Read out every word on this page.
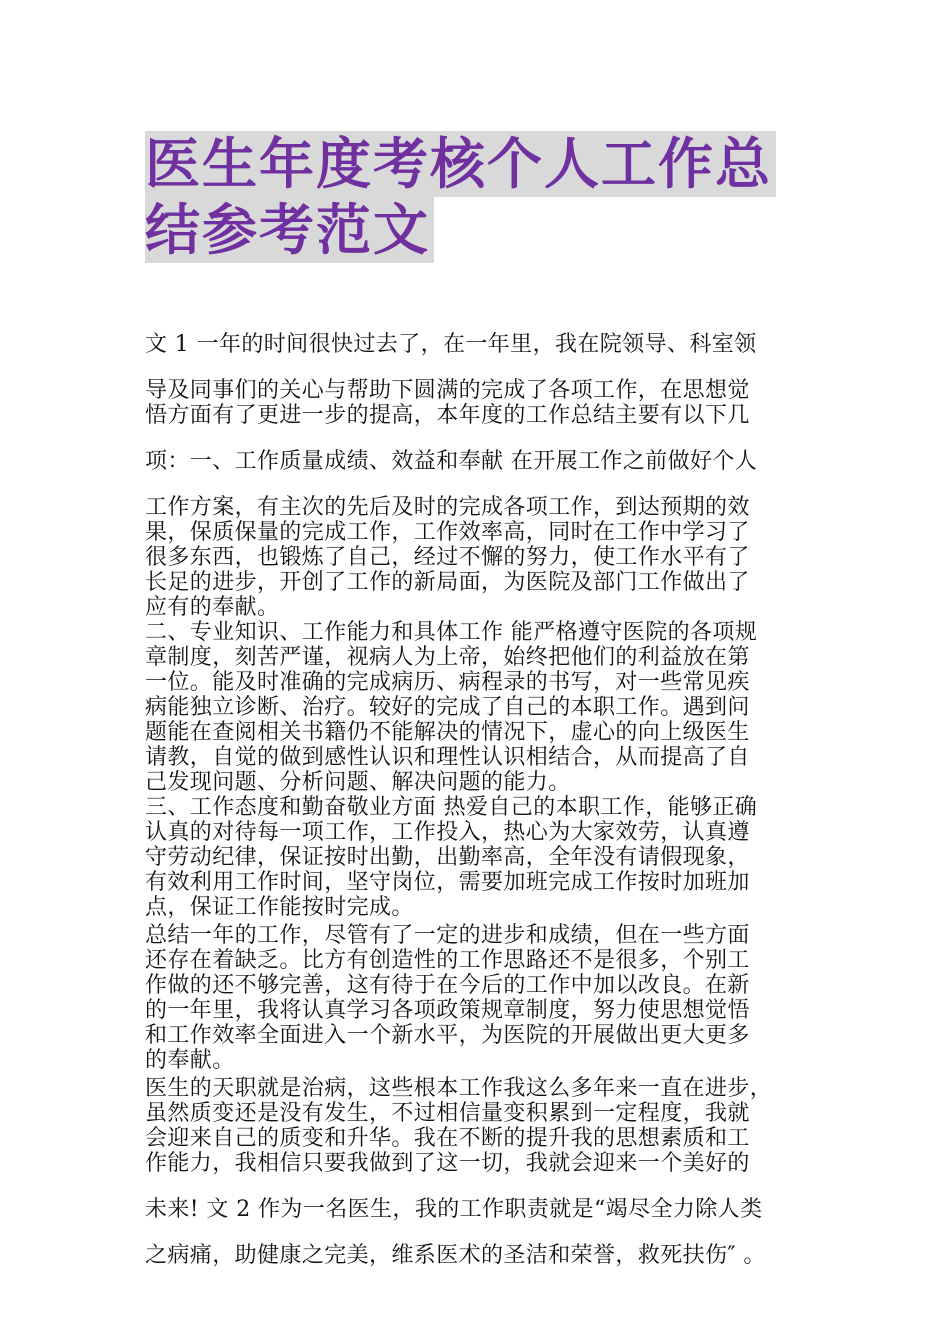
医生年度考核个人工作总
结参考范文
文 1 一年的时间很快过去了，在一年里，我在院领导、科室领
导及同事们的关心与帮助下圆满的完成了各项工作，在思想觉
悟方面有了更进一步的提高，本年度的工作总结主要有以下几
项：一、工作质量成绩、效益和奉献 在开展工作之前做好个人
工作方案，有主次的先后及时的完成各项工作，到达预期的效
果，保质保量的完成工作，工作效率高，同时在工作中学习了
很多东西，也锻炼了自己，经过不懈的努力，使工作水平有了
长足的进步，开创了工作的新局面，为医院及部门工作做出了
应有的奉献。
二、专业知识、工作能力和具体工作 能严格遵守医院的各项规
章制度，刻苦严谨，视病人为上帝，始终把他们的利益放在第
一位。能及时准确的完成病历、病程录的书写，对一些常见疾
病能独立诊断、治疗。较好的完成了自己的本职工作。遇到问
题能在查阅相关书籍仍不能解决的情况下，虚心的向上级医生
请教，自觉的做到感性认识和理性认识相结合，从而提高了自
己发现问题、分析问题、解决问题的能力。
三、工作态度和勤奋敬业方面 热爱自己的本职工作，能够正确
认真的对待每一项工作，工作投入，热心为大家效劳，认真遵
守劳动纪律，保证按时出勤，出勤率高，全年没有请假现象，
有效利用工作时间，坚守岗位，需要加班完成工作按时加班加
点，保证工作能按时完成。
总结一年的工作，尽管有了一定的进步和成绩，但在一些方面
还存在着缺乏。比方有创造性的工作思路还不是很多，个别工
作做的还不够完善，这有待于在今后的工作中加以改良。在新
的一年里，我将认真学习各项政策规章制度，努力使思想觉悟
和工作效率全面进入一个新水平，为医院的开展做出更大更多
的奉献。
医生的天职就是治病，这些根本工作我这么多年来一直在进步，
虽然质变还是没有发生，不过相信量变积累到一定程度，我就
会迎来自己的质变和升华。我在不断的提升我的思想素质和工
作能力，我相信只要我做到了这一切，我就会迎来一个美好的
未来! 文 2 作为一名医生，我的工作职责就是“竭尽全力除人类
之病痛，助健康之完美，维系医术的圣洁和荣誉，救死扶伤″ 。
